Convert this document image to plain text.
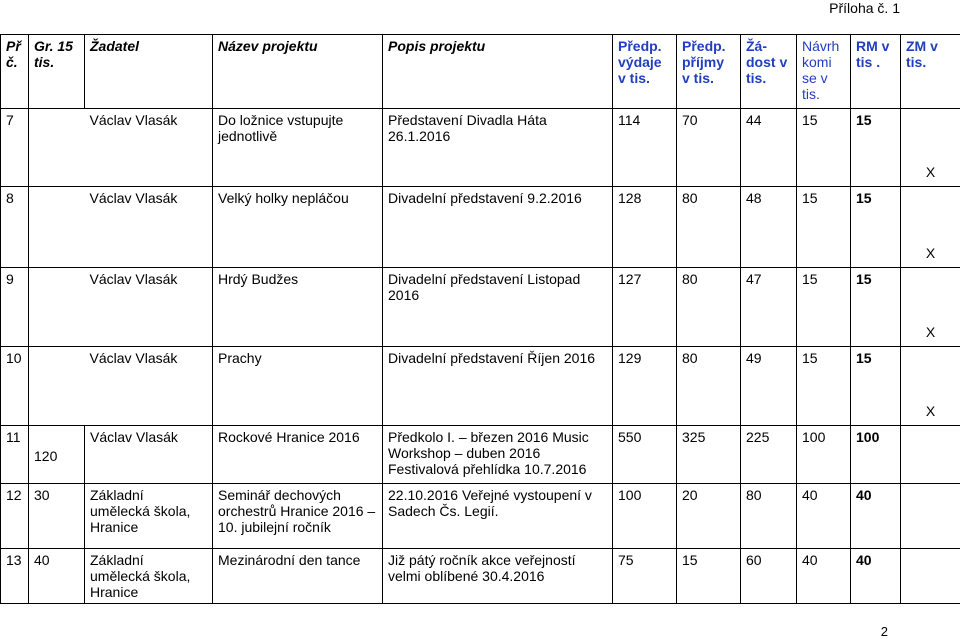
Příloha č. 1
Př č.	Gr. 15 tis.	Žadatel	Název projektu	Popis projektu	Předp. výdaje v tis.	Předp. příjmy v tis.	Žá- dost v tis.	Návrh komi se v tis.	RM v tis .	ZM v tis.
7		Václav Vlasák	Do ložnice vstupujte jednotlivě	Představení Divadla Háta 26.1.2016	114	70	44	15	15	X
8		Václav Vlasák	Velký holky nepláčou	Divadelní představení 9.2.2016	128	80	48	15	15	X
9		Václav Vlasák	Hrdý Budžes	Divadelní představení Listopad 2016	127	80	47	15	15	X
10		Václav Vlasák	Prachy	Divadelní představení Říjen 2016	129	80	49	15	15	X
11	120	Václav Vlasák	Rockové Hranice 2016	Předkolo I. – březen 2016 Music Workshop – duben 2016 Festivalová přehlídka 10.7.2016	550	325	225	100	100	
12	30	Základní umělecká škola, Hranice	Seminář dechových orchestrů Hranice 2016 – 10. jubilejní ročník	22.10.2016 Veřejné vystoupení v Sadech Čs. Legií.	100	20	80	40	40	
13	40	Základní umělecká škola, Hranice	Mezinárodní den tance	Již pátý ročník akce veřejností velmi oblíbené 30.4.2016	75	15	60	40	40	
2
